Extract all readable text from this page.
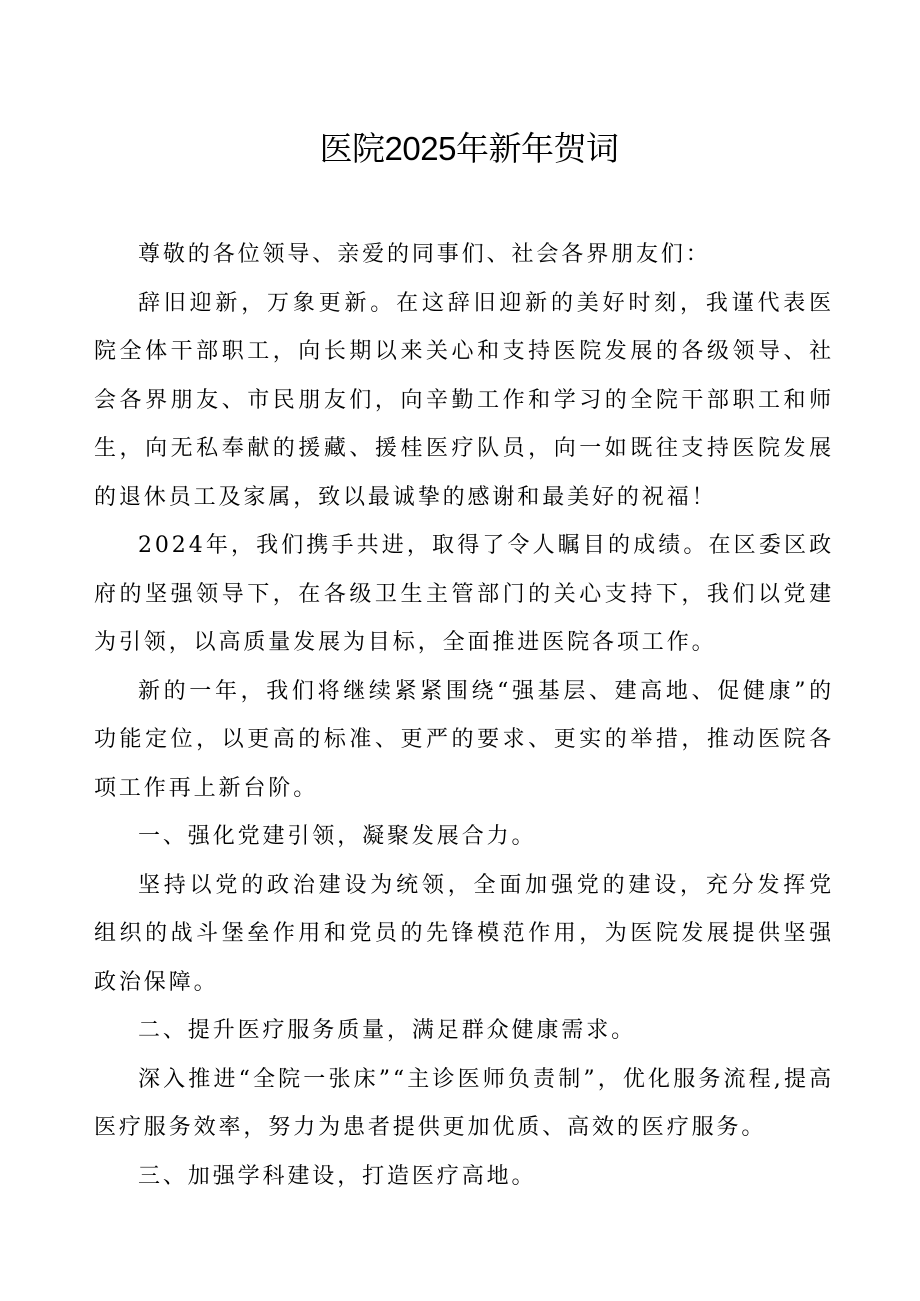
医院2025年新年贺词

尊敬的各位领导、亲爱的同事们、社会各界朋友们：

辞旧迎新，万象更新。在这辞旧迎新的美好时刻，我谨代表医院全体干部职工，向长期以来关心和支持医院发展的各级领导、社会各界朋友、市民朋友们，向辛勤工作和学习的全院干部职工和师生，向无私奉献的援藏、援桂医疗队员，向一如既往支持医院发展的退休员工及家属，致以最诚挚的感谢和最美好的祝福！

2024年，我们携手共进，取得了令人瞩目的成绩。在区委区政府的坚强领导下，在各级卫生主管部门的关心支持下，我们以党建为引领，以高质量发展为目标，全面推进医院各项工作。

新的一年，我们将继续紧紧围绕“强基层、建高地、促健康”的功能定位，以更高的标准、更严的要求、更实的举措，推动医院各项工作再上新台阶。

一、强化党建引领，凝聚发展合力。

坚持以党的政治建设为统领，全面加强党的建设，充分发挥党组织的战斗堡垒作用和党员的先锋模范作用，为医院发展提供坚强政治保障。

二、提升医疗服务质量，满足群众健康需求。

深入推进“全院一张床”“主诊医师负责制”，优化服务流程,提高医疗服务效率，努力为患者提供更加优质、高效的医疗服务。

三、加强学科建设，打造医疗高地。
